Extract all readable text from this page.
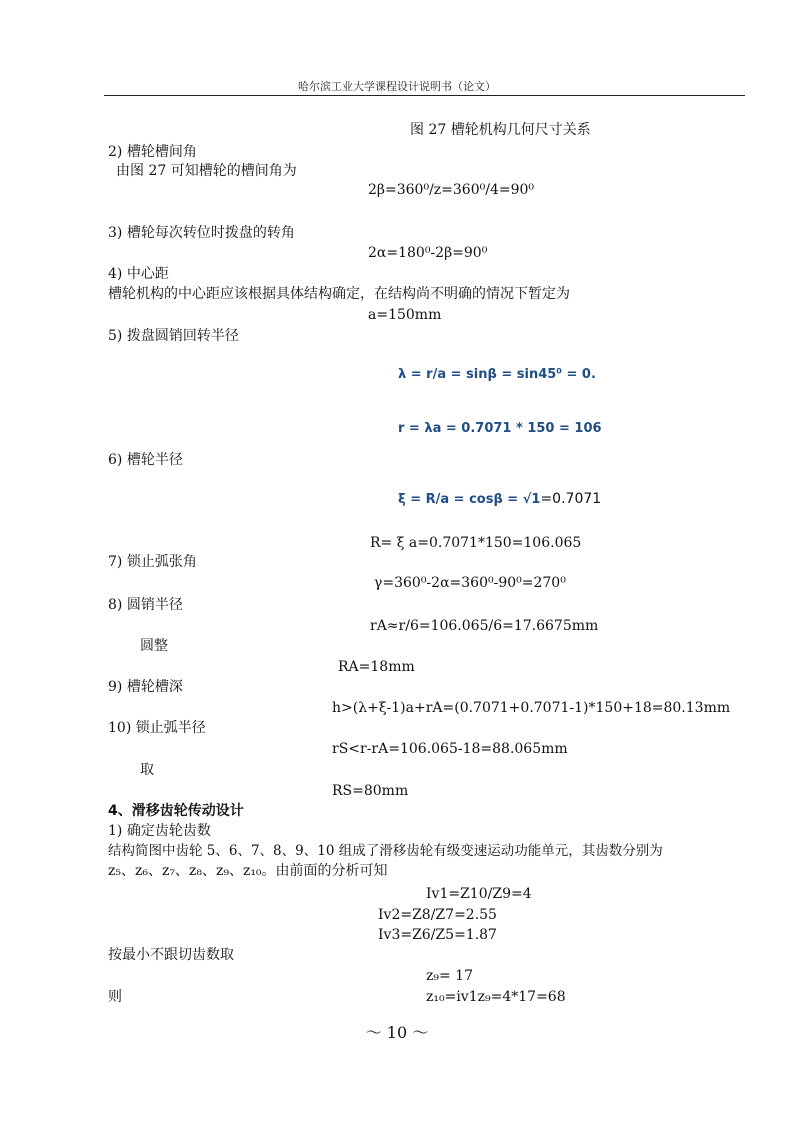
哈尔滨工业大学课程设计说明书（论文）
图 27 槽轮机构几何尺寸关系
2) 槽轮槽间角
由图 27 可知槽轮的槽间角为
2β=360⁰/z=360⁰/4=90⁰
3) 槽轮每次转位时拨盘的转角
2α=180⁰-2β=90⁰
4) 中心距
槽轮机构的中心距应该根据具体结构确定，在结构尚不明确的情况下暂定为
a=150mm
5) 拨盘圆销回转半径
λ = r/a = sinβ = sin45⁰ = 0.
r = λa = 0.7071 * 150 = 106
6) 槽轮半径
ξ = R/a = cosβ = √1=0.7071
R= ξ a=0.7071*150=106.065
7) 锁止弧张角
γ=360⁰-2α=360⁰-90⁰=270⁰
8) 圆销半径
rA≈r/6=106.065/6=17.6675mm
圆整
RA=18mm
9) 槽轮槽深
h>(λ+ξ-1)a+rA=(0.7071+0.7071-1)*150+18=80.13mm
10) 锁止弧半径
rS<r-rA=106.065-18=88.065mm
取
RS=80mm
4、滑移齿轮传动设计
1) 确定齿轮齿数
结构简图中齿轮 5、6、7、8、9、10 组成了滑移齿轮有级变速运动功能单元，其齿数分别为
z₅、z₆、z₇、z₈、z₉、z₁₀。由前面的分析可知
Iv1=Z10/Z9=4
Iv2=Z8/Z7=2.55
Iv3=Z6/Z5=1.87
按最小不跟切齿数取
z₉= 17
则	z₁₀=iv1z₉=4*17=68
～ 10 ～
